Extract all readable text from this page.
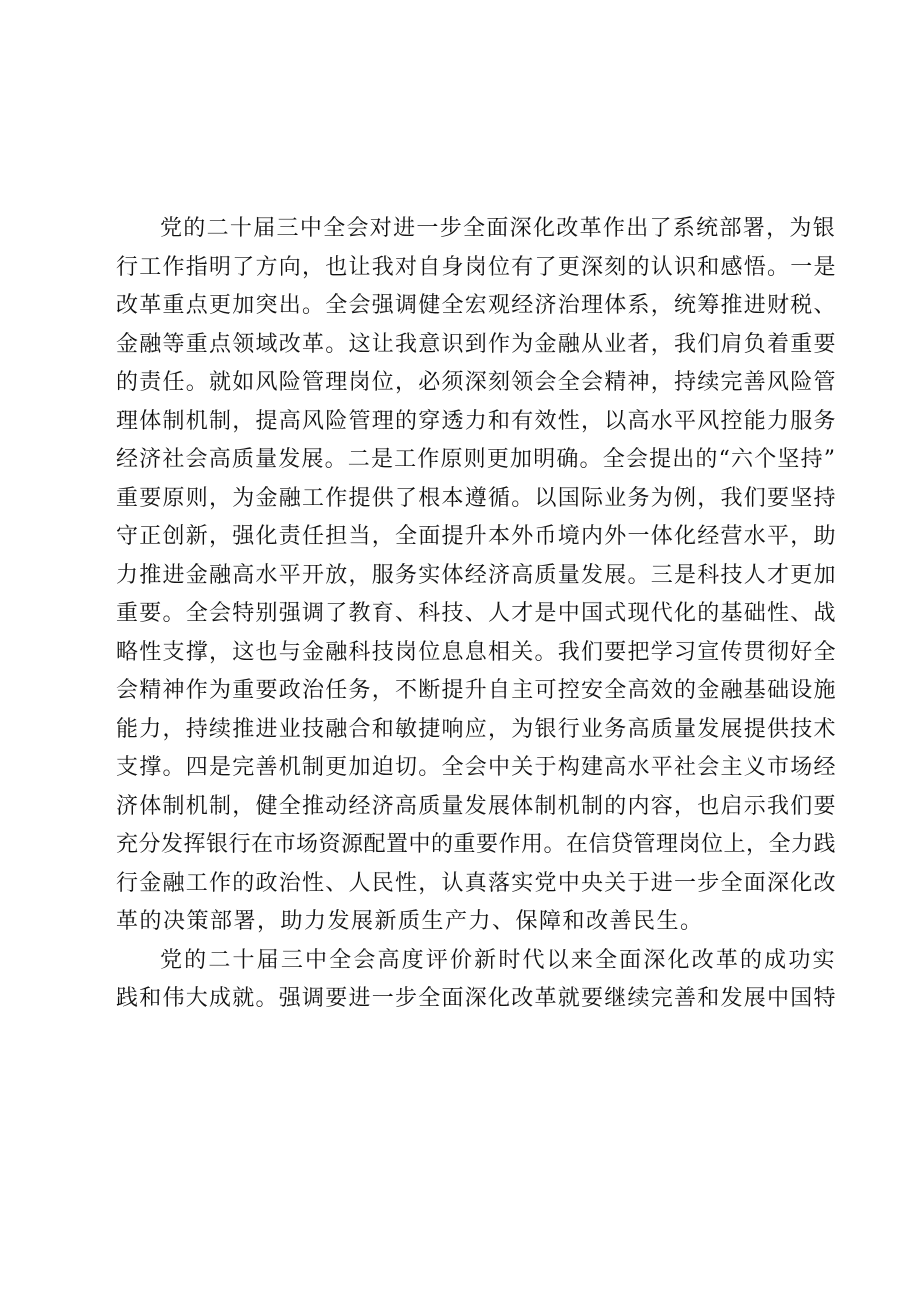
党的二十届三中全会对进一步全面深化改革作出了系统部署，为银
行工作指明了方向，也让我对自身岗位有了更深刻的认识和感悟。一是
改革重点更加突出。全会强调健全宏观经济治理体系，统筹推进财税、
金融等重点领域改革。这让我意识到作为金融从业者，我们肩负着重要
的责任。就如风险管理岗位，必须深刻领会全会精神，持续完善风险管
理体制机制，提高风险管理的穿透力和有效性，以高水平风控能力服务
经济社会高质量发展。二是工作原则更加明确。全会提出的“六个坚持”
重要原则，为金融工作提供了根本遵循。以国际业务为例，我们要坚持
守正创新，强化责任担当，全面提升本外币境内外一体化经营水平，助
力推进金融高水平开放，服务实体经济高质量发展。三是科技人才更加
重要。全会特别强调了教育、科技、人才是中国式现代化的基础性、战
略性支撑，这也与金融科技岗位息息相关。我们要把学习宣传贯彻好全
会精神作为重要政治任务，不断提升自主可控安全高效的金融基础设施
能力，持续推进业技融合和敏捷响应，为银行业务高质量发展提供技术
支撑。四是完善机制更加迫切。全会中关于构建高水平社会主义市场经
济体制机制，健全推动经济高质量发展体制机制的内容，也启示我们要
充分发挥银行在市场资源配置中的重要作用。在信贷管理岗位上，全力践
行金融工作的政治性、人民性，认真落实党中央关于进一步全面深化改
革的决策部署，助力发展新质生产力、保障和改善民生。
党的二十届三中全会高度评价新时代以来全面深化改革的成功实
践和伟大成就。强调要进一步全面深化改革就要继续完善和发展中国特
